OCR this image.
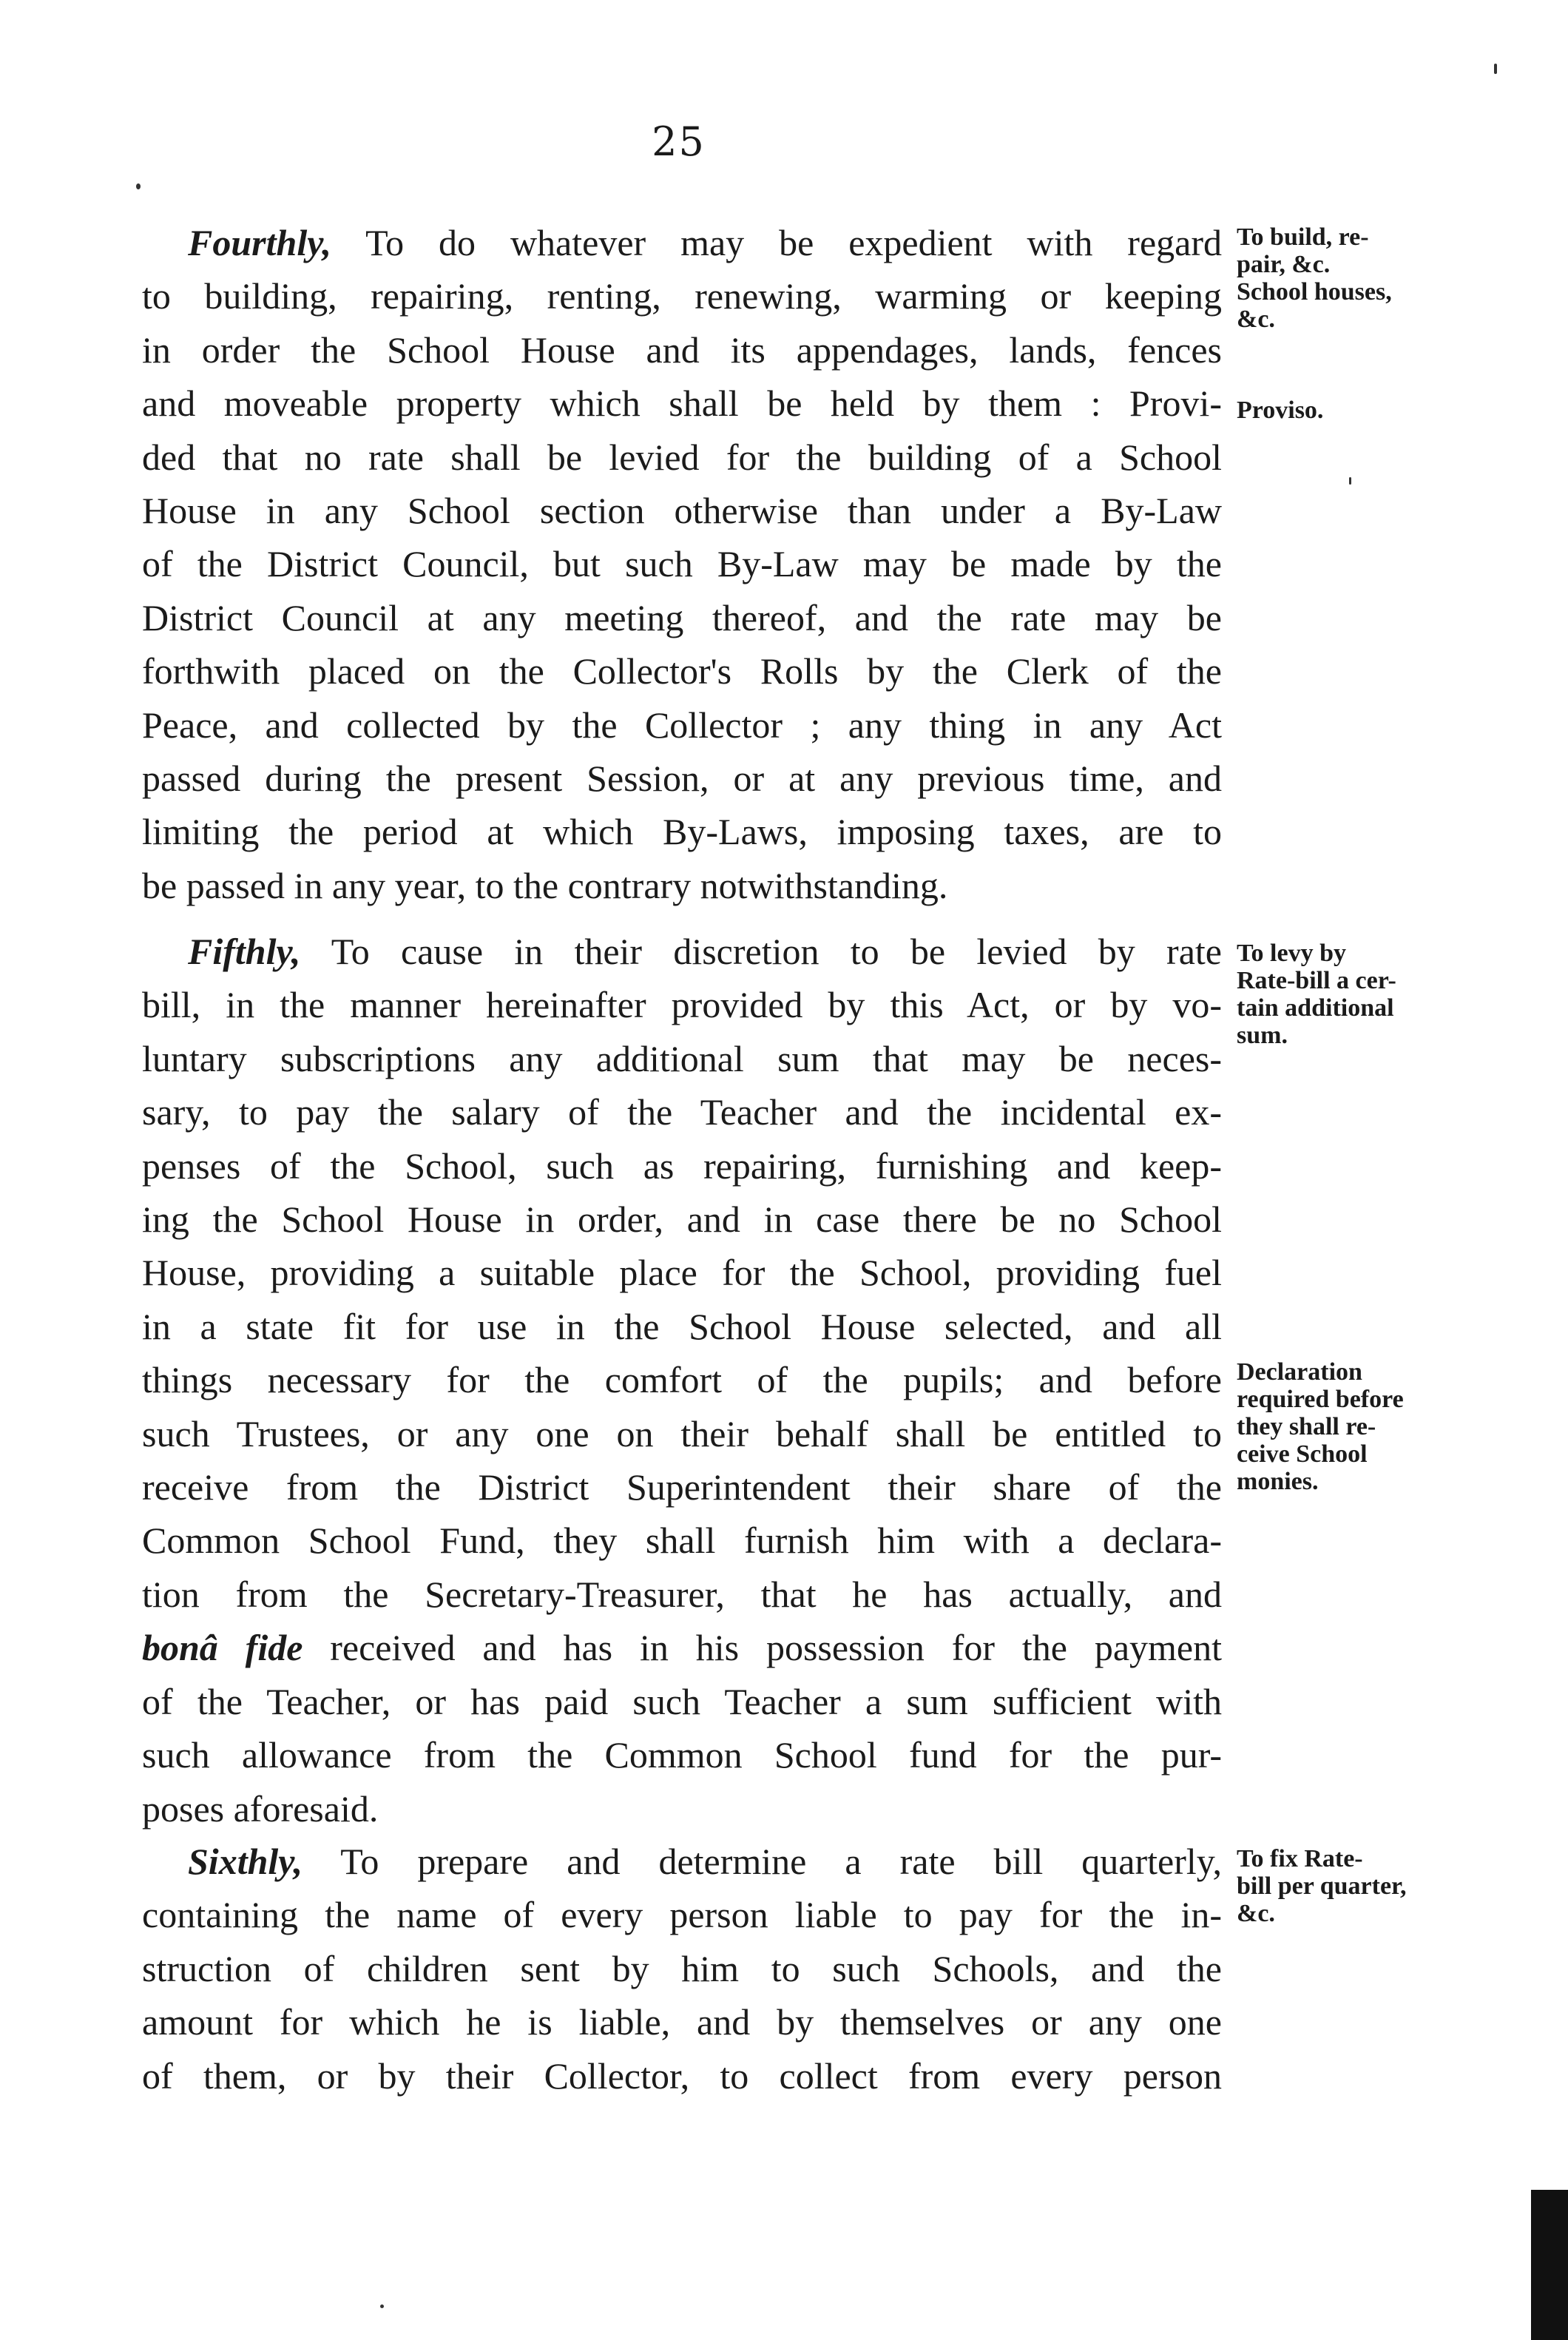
25
Fourthly, To do whatever may be expedient with regard
to building, repairing, renting, renewing, warming or keeping
in order the School House and its appendages, lands, fences
and moveable property which shall be held by them : Provi-
ded that no rate shall be levied for the building of a School
House in any School section otherwise than under a By-Law
of the District Council, but such By-Law may be made by the
District Council at any meeting thereof, and the rate may be
forthwith placed on the Collector's Rolls by the Clerk of the
Peace, and collected by the Collector ; any thing in any Act
passed during the present Session, or at any previous time, and
limiting the period at which By-Laws, imposing taxes, are to
be passed in any year, to the contrary notwithstanding.
Fifthly, To cause in their discretion to be levied by rate
bill, in the manner hereinafter provided by this Act, or by vo-
luntary subscriptions any additional sum that may be neces-
sary, to pay the salary of the Teacher and the incidental ex-
penses of the School, such as repairing, furnishing and keep-
ing the School House in order, and in case there be no School
House, providing a suitable place for the School, providing fuel
in a state fit for use in the School House selected, and all
things necessary for the comfort of the pupils; and before
such Trustees, or any one on their behalf shall be entitled to
receive from the District Superintendent their share of the
Common School Fund, they shall furnish him with a declara-
tion from the Secretary-Treasurer, that he has actually, and
bonâ fide received and has in his possession for the payment
of the Teacher, or has paid such Teacher a sum sufficient with
such allowance from the Common School fund for the pur-
poses aforesaid.
Sixthly, To prepare and determine a rate bill quarterly,
containing the name of every person liable to pay for the in-
struction of children sent by him to such Schools, and the
amount for which he is liable, and by themselves or any one
of them, or by their Collector, to collect from every person
To build, re-
pair, &c.
School houses,
&c.
Proviso.
To levy by
Rate-bill a cer-
tain additional
sum.
Declaration
required before
they shall re-
ceive School
monies.
To fix Rate-
bill per quarter,
&c.
